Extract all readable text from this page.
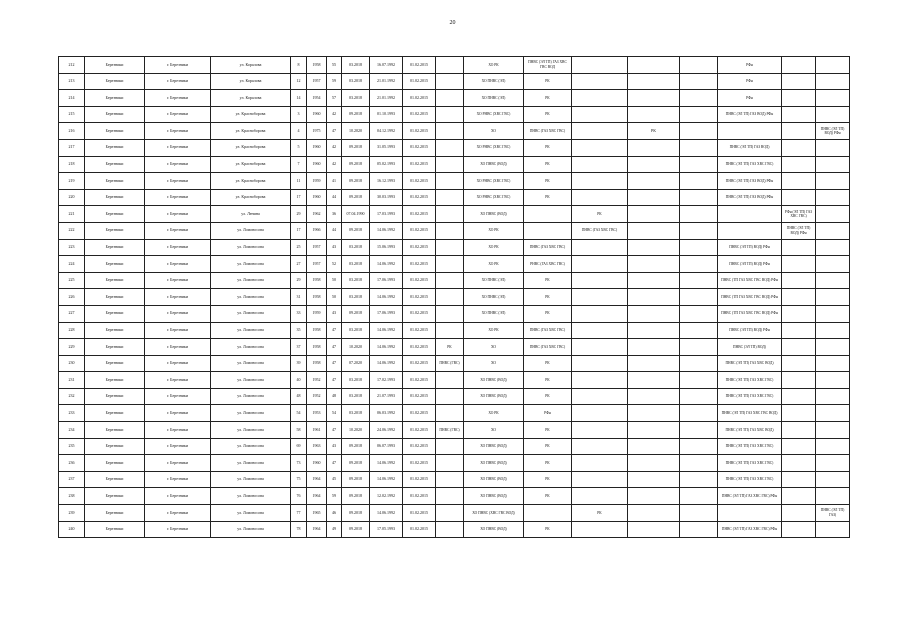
20
212	Березники	г. Березники	ул. Коралова	8	1958	55	03.2018	16.07.1992	01.02.2015		ХО РК	ПНВС (ЭЛ ТП) ГАЗ ХВС ГВС ВОД				РФн		
213	Березники	г. Березники	ул. Коралова	12	1957	59	03.2018	21.01.1992	01.02.2015		ХО ПНВС (ЭЛ)	РК				РФн		
214	Березники	г. Березники	ул. Коралова	14	1954	57	03.2018	21.01.1992	01.02.2015		ХО ПНВС (ЭЛ)	РК				РФн		
215	Березники	г. Березники	ул. Красноборова	3	1960	42	09.2018	01.10.1993	01.02.2015		ХО РНВС (ХВС ГВС)	РК				ПНВС (ЭЛ ТП) ГАЗ ВОД) РФн		
216	Березники	г. Березники	ул. Красноборова	4	1975	47	10.2020	04.12.1992	01.02.2015		ХО	ПНВС (ГАЗ ХВС ГВС)		РК				ПНВС (ЭЛ ТП) ВОД) РФн
217	Березники	г. Березники	ул. Красноборова	5	1960	42	09.2018	31.05.1993	01.02.2015		ХО РНВС (ХВС ГВС)	РК				ПНВС (ЭЛ ТП) ГАЗ ВОД)		
218	Березники	г. Березники	ул. Красноборова	7	1960	42	09.2018	05.02.1993	01.02.2015		ХО ПНВС (ВОД)	РК				ПНВС (ЭЛ ТП) ГАЗ ХВС ГВС)		
219	Березники	г. Березники	ул. Красноборова	11	1959	41	09.2018	16.12.1993	01.02.2015		ХО РНВС (ХВС ГВС)	РК				ПНВС (ЭЛ ТП) ГАЗ ВОД) РФн		
220	Березники	г. Березники	ул. Красноборова	17	1960	44	09.2018	30.03.1993	01.02.2015		ХО РНВС (ХВС ГВС)	РК				ПНВС (ЭЛ ТП) ГАЗ ВОД) РФн		
221	Березники	г. Березники	ул. Ленина	29	1962	36	07.04.1990	17.03.1993	01.02.2015		ХО ПНВС (ВОД)		РК				РФн (ЭЛ ТП) ГАЗ ХВС ГВС)	
222	Березники	г. Березники	ул. Ломоносова	17	1966	44	09.2018	14.06.1992	01.02.2015		ХО РК		ПНВС (ГАЗ ХВС ГВС)				ПНВС (ЭЛ ТП) ВОД) РФн	
223	Березники	г. Березники	ул. Ломоносова	25	1957	43	03.2018	15.06.1993	01.02.2015		ХО РК	ПНВС (ГАЗ ХВС ГВС)				ПНВС (ЭЛ ТП) ВОД) РФн		
224	Березники	г. Березники	ул. Ломоносова	27	1957	52	03.2018	14.06.1992	01.02.2015		ХО РК	РНВС (ГАЗ ХВС ГВС)				ПНВС (ЭЛ ТП) ВОД) РФн		
225	Березники	г. Березники	ул. Ломоносова	29	1958	50	03.2018	17.06.1993	01.02.2015		ХО ПНВС (ЭЛ)	РК				ПНВС (ТП ГАЗ ХВС ГВС ВОД) РФн		
226	Березники	г. Березники	ул. Ломоносова	31	1958	50	03.2018	14.06.1992	01.02.2015		ХО ПНВС (ЭЛ)	РК				ПНВС (ТП ГАЗ ХВС ГВС ВОД) РФн		
227	Березники	г. Березники	ул. Ломоносова	33	1959	43	09.2018	17.06.1993	01.02.2015		ХО ПНВС (ЭЛ)	РК				ПНВС (ТП ГАЗ ХВС ГВС ВОД) РФн		
228	Березники	г. Березники	ул. Ломоносова	35	1958	47	03.2018	14.06.1992	01.02.2015		ХО РК	ПНВС (ГАЗ ХВС ГВС)				ПНВС (ЭЛ ТП) ВОД) РФн		
229	Березники	г. Березники	ул. Ломоносова	37	1958	47	10.2020	14.06.1992	01.02.2015	РК	ХО	ПНВС (ГАЗ ХВС ГВС)				ПНВС (ЭЛ ТП) ВОД)		
230	Березники	г. Березники	ул. Ломоносова	39	1958	47	07.2020	14.06.1992	01.02.2015	ПНВС (ГВС)	ХО	РК				ПНВС (ЭЛ ТП) ГАЗ ХВС ВОД)		
231	Березники	г. Березники	ул. Ломоносова	40	1952	47	03.2018	17.02.1993	01.02.2015		ХО ПНВС (ВОД)	РК				ПНВС (ЭЛ ТП) ГАЗ ХВС ГВС)		
232	Березники	г. Березники	ул. Ломоносова	48	1952	48	03.2018	21.07.1993	01.02.2015		ХО ПНВС (ВОД)	РК				ПНВС (ЭЛ ТП) ГАЗ ХВС ГВС)		
233	Березники	г. Березники	ул. Ломоносова	54	1953	54	03.2018	06.03.1992	01.02.2015		ХО РК	РФн				ПНВС (ЭЛ ТП) ГАЗ ХВС ГВС ВОД)		
234	Березники	г. Березники	ул. Ломоносова	58	1961	47	10.2020	24.06.1992	01.02.2015	ПНВС (ГВС)	ХО	РК				ПНВС (ЭЛ ТП) ГАЗ ХВС ВОД)		
235	Березники	г. Березники	ул. Ломоносова	69	1963	43	09.2018	06.07.1993	01.02.2015		ХО ПНВС (ВОД)	РК				ПНВС (ЭЛ ТП) ГАЗ ХВС ГВС)		
236	Березники	г. Березники	ул. Ломоносова	73	1960	47	09.2018	14.06.1992	01.02.2015		ХО ПНВС (ВОД)	РК				ПНВС (ЭЛ ТП) ГАЗ ХВС ГВС)		
237	Березники	г. Березники	ул. Ломоносова	75	1964	45	09.2018	14.06.1992	01.02.2015		ХО ПНВС (ВОД)	РК				ПНВС (ЭЛ ТП) ГАЗ ХВС ГВС)		
238	Березники	г. Березники	ул. Ломоносова	76	1964	59	09.2018	12.02.1992	01.02.2015		ХО ПНВС (ВОД)	РК				ПНВС (ЭЛ ТП) ГАЗ ХВС ГВС) РФн		
239	Березники	г. Березники	ул. Ломоносова	77	1965	46	09.2018	14.06.1992	01.02.2015		ХО ПНВС (ХВС ГВС ВОД)		РК					ПНВС (ЭЛ ТП) ГАЗ)
240	Березники	г. Березники	ул. Ломоносова	78	1964	49	09.2018	17.05.1993	01.02.2015		ХО ПНВС (ВОД)	РК				ПНВС (ЭЛ ТП) ГАЗ ХВС ГВС) РФн		
